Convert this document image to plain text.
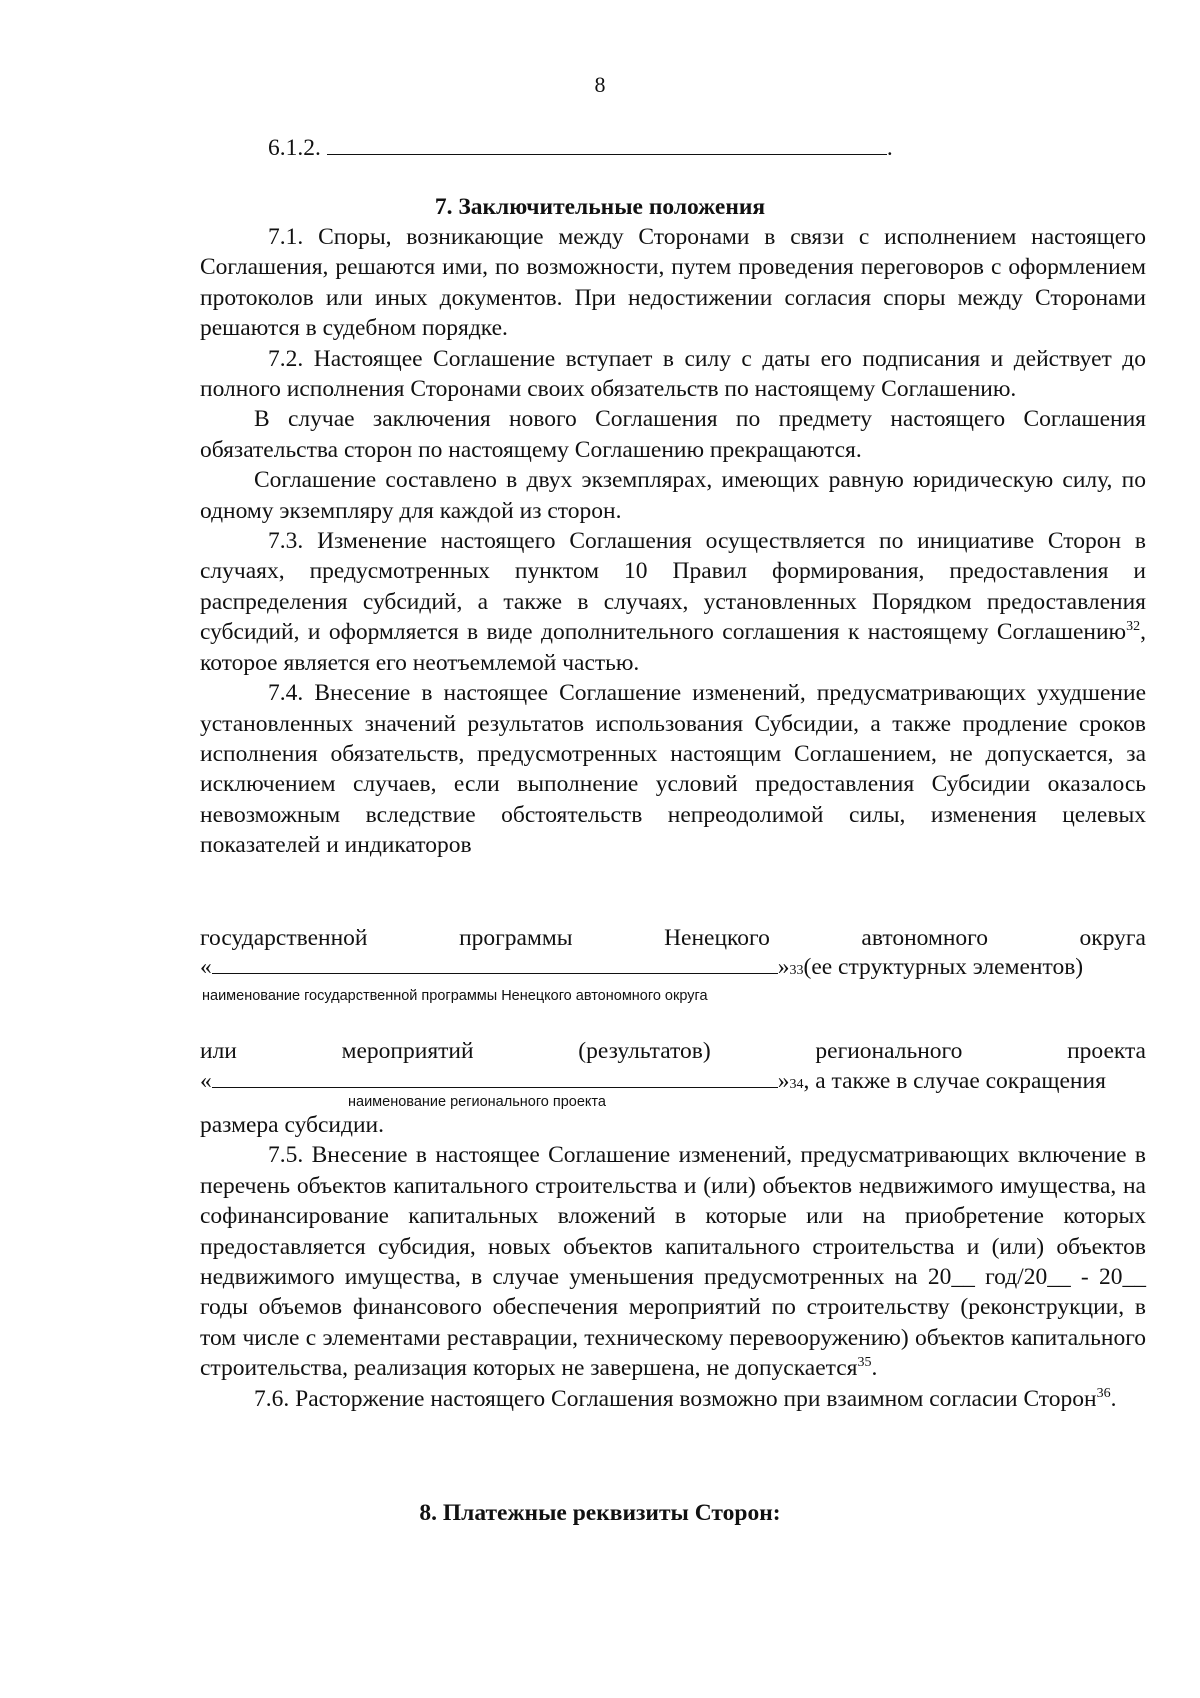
8
6.1.2.	.
7. Заключительные положения

7.1. Споры, возникающие между Сторонами в связи с исполнением настоящего Соглашения, решаются ими, по возможности, путем проведения переговоров с оформлением протоколов или иных документов. При недостижении согласия споры между Сторонами решаются в судебном порядке.

7.2. Настоящее Соглашение вступает в силу с даты его подписания и действует до полного исполнения Сторонами своих обязательств по настоящему Соглашению.

В случае заключения нового Соглашения по предмету настоящего Соглашения обязательства сторон по настоящему Соглашению прекращаются.

Соглашение составлено в двух экземплярах, имеющих равную юридическую силу, по одному экземпляру для каждой из сторон.

7.3. Изменение настоящего Соглашения осуществляется по инициативе Сторон в случаях, предусмотренных пунктом 10 Правил формирования, предоставления и распределения субсидий, а также в случаях, установленных Порядком предоставления субсидий, и оформляется в виде дополнительного соглашения к настоящему Соглашению$^{32}$, которое является его неотъемлемой частью.

7.4. Внесение в настоящее Соглашение изменений, предусматривающих ухудшение установленных значений результатов использования Субсидии, а также продление сроков исполнения обязательств, предусмотренных настоящим Соглашением, не допускается, за исключением случаев, если выполнение условий предоставления Субсидии оказалось невозможным вследствие обстоятельств непреодолимой силы, изменения целевых показателей и индикаторов

государственной	программы	Ненецкого	автономного	округа
«	» 33 (ее структурных элементов)
наименование государственной программы Ненецкого автономного округа
или	мероприятий	(результатов)	регионального	проекта
«	» 34 , а также в случае сокращения
наименование регионального проекта

размера субсидии.

7.5. Внесение в настоящее Соглашение изменений, предусматривающих включение в перечень объектов капитального строительства и (или) объектов недвижимого имущества, на софинансирование капитальных вложений в которые или на приобретение которых предоставляется субсидия, новых объектов капитального строительства и (или) объектов недвижимого имущества, в случае уменьшения предусмотренных на 20__ год/20__ - 20__ годы объемов финансового обеспечения мероприятий по строительству (реконструкции, в том числе с элементами реставрации, техническому перевооружению) объектов капитального строительства, реализация которых не завершена, не допускается$^{35}$.

7.6. Расторжение настоящего Соглашения возможно при взаимном согласии Сторон$^{36}$.

8. Платежные реквизиты Сторон:
